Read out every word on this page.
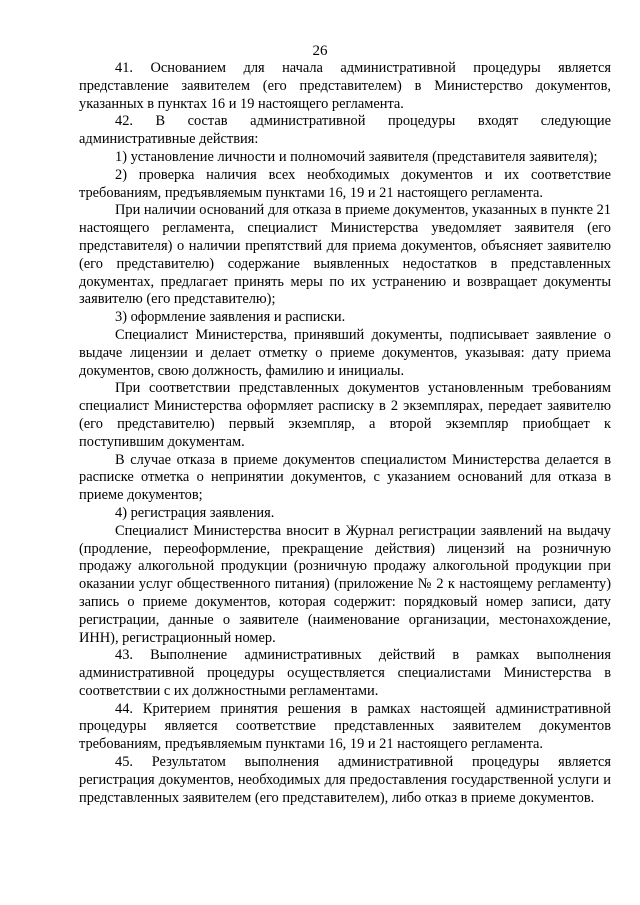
26

41. Основанием для начала административной процедуры является представление заявителем (его представителем) в Министерство документов, указанных в пунктах 16 и 19 настоящего регламента.

42. В состав административной процедуры входят следующие административные действия:

1) установление личности и полномочий заявителя (представителя заявителя);

2) проверка наличия всех необходимых документов и их соответствие требованиям, предъявляемым пунктами 16, 19 и 21 настоящего регламента.

При наличии оснований для отказа в приеме документов, указанных в пункте 21 настоящего регламента, специалист Министерства уведомляет заявителя (его представителя) о наличии препятствий для приема документов, объясняет заявителю (его представителю) содержание выявленных недостатков в представленных документах, предлагает принять меры по их устранению и возвращает документы заявителю (его представителю);

3) оформление заявления и расписки.

Специалист Министерства, принявший документы, подписывает заявление о выдаче лицензии и делает отметку о приеме документов, указывая: дату приема документов, свою должность, фамилию и инициалы.

При соответствии представленных документов установленным требованиям специалист Министерства оформляет расписку в 2 экземплярах, передает заявителю (его представителю) первый экземпляр, а второй экземпляр приобщает к поступившим документам.

В случае отказа в приеме документов специалистом Министерства делается в расписке отметка о непринятии документов, с указанием оснований для отказа в приеме документов;

4) регистрация заявления.

Специалист Министерства вносит в Журнал регистрации заявлений на выдачу (продление, переоформление, прекращение действия) лицензий на розничную продажу алкогольной продукции (розничную продажу алкогольной продукции при оказании услуг общественного питания) (приложение № 2 к настоящему регламенту) запись о приеме документов, которая содержит: порядковый номер записи, дату регистрации, данные о заявителе (наименование организации, местонахождение, ИНН), регистрационный номер.

43. Выполнение административных действий в рамках выполнения административной процедуры осуществляется специалистами Министерства в соответствии с их должностными регламентами.

44. Критерием принятия решения в рамках настоящей административной процедуры является соответствие представленных заявителем документов требованиям, предъявляемым пунктами 16, 19 и 21 настоящего регламента.

45. Результатом выполнения административной процедуры является регистрация документов, необходимых для предоставления государственной услуги и представленных заявителем (его представителем), либо отказ в приеме документов.
